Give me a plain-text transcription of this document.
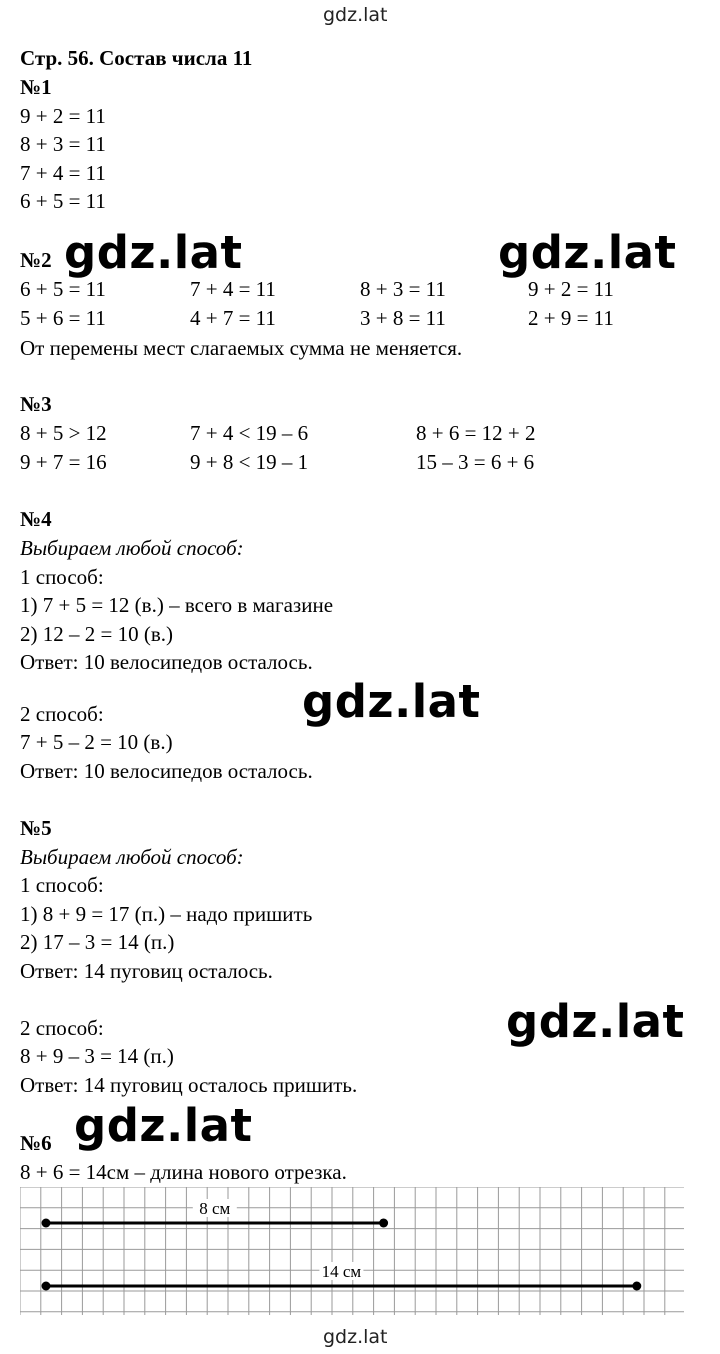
gdz.lat
Стр. 56. Состав числа 11
№1
9 + 2 = 11
8 + 3 = 11
7 + 4 = 11
6 + 5 = 11
№2
6 + 5 = 11	7 + 4 = 11	8 + 3 = 11	9 + 2 = 11
5 + 6 = 11	4 + 7 = 11	3 + 8 = 11	2 + 9 = 11
От перемены мест слагаемых сумма не меняется.
№3
8 + 5 > 12	7 + 4 < 19 – 6	8 + 6 = 12 + 2
9 + 7 = 16	9 + 8 < 19 – 1	15 – 3 = 6 + 6
№4
Выбираем любой способ:
1 способ:
1) 7 + 5 = 12 (в.) – всего в магазине
2) 12 – 2 = 10 (в.)
Ответ: 10 велосипедов осталось.
2 способ:
7 + 5 – 2 = 10 (в.)
Ответ: 10 велосипедов осталось.
№5
Выбираем любой способ:
1 способ:
1) 8 + 9 = 17 (п.) – надо пришить
2) 17 – 3 = 14 (п.)
Ответ: 14 пуговиц осталось.
2 способ:
8 + 9 – 3 = 14 (п.)
Ответ: 14 пуговиц осталось пришить.
№6
8 + 6 = 14см – длина нового отрезка.
8 см
14 см
gdz.lat	gdz.lat
gdz.lat
gdz.lat
gdz.lat
gdz.lat
